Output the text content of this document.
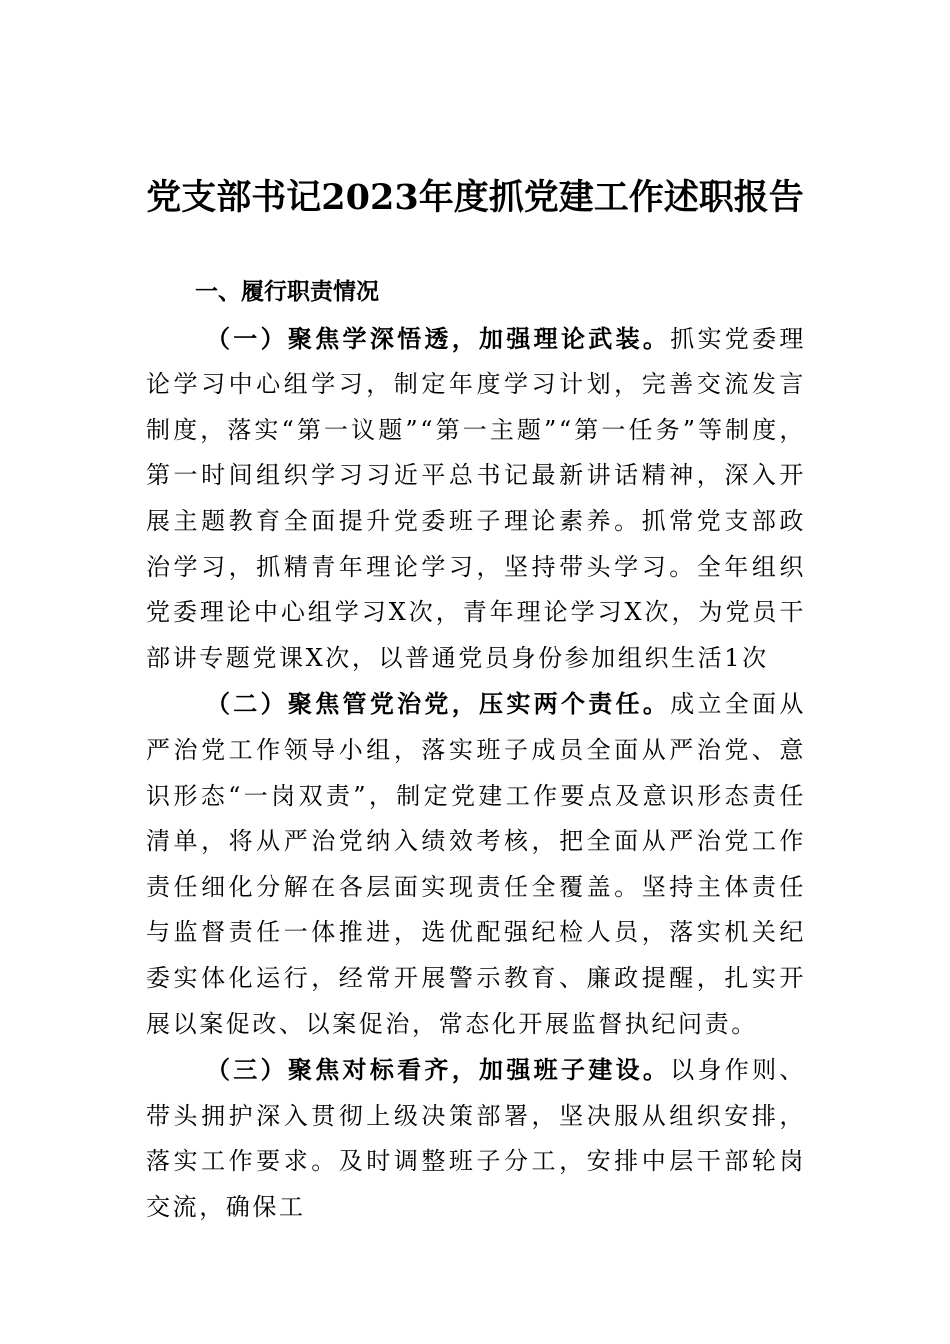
党支部书记2023年度抓党建工作述职报告

一、履行职责情况

（一）聚焦学深悟透，加强理论武装。抓实党委理论学习中心组学习，制定年度学习计划，完善交流发言制度，落实“第一议题”“第一主题”“第一任务”等制度，第一时间组织学习习近平总书记最新讲话精神，深入开展主题教育全面提升党委班子理论素养。抓常党支部政治学习，抓精青年理论学习，坚持带头学习。全年组织党委理论中心组学习X次，青年理论学习X次，为党员干部讲专题党课X次，以普通党员身份参加组织生活1次

（二）聚焦管党治党，压实两个责任。成立全面从严治党工作领导小组，落实班子成员全面从严治党、意识形态“一岗双责”，制定党建工作要点及意识形态责任清单，将从严治党纳入绩效考核，把全面从严治党工作责任细化分解在各层面实现责任全覆盖。坚持主体责任与监督责任一体推进，选优配强纪检人员，落实机关纪委实体化运行，经常开展警示教育、廉政提醒，扎实开展以案促改、以案促治，常态化开展监督执纪问责。

（三）聚焦对标看齐，加强班子建设。以身作则、带头拥护深入贯彻上级决策部署，坚决服从组织安排，落实工作要求。及时调整班子分工，安排中层干部轮岗交流，确保工
